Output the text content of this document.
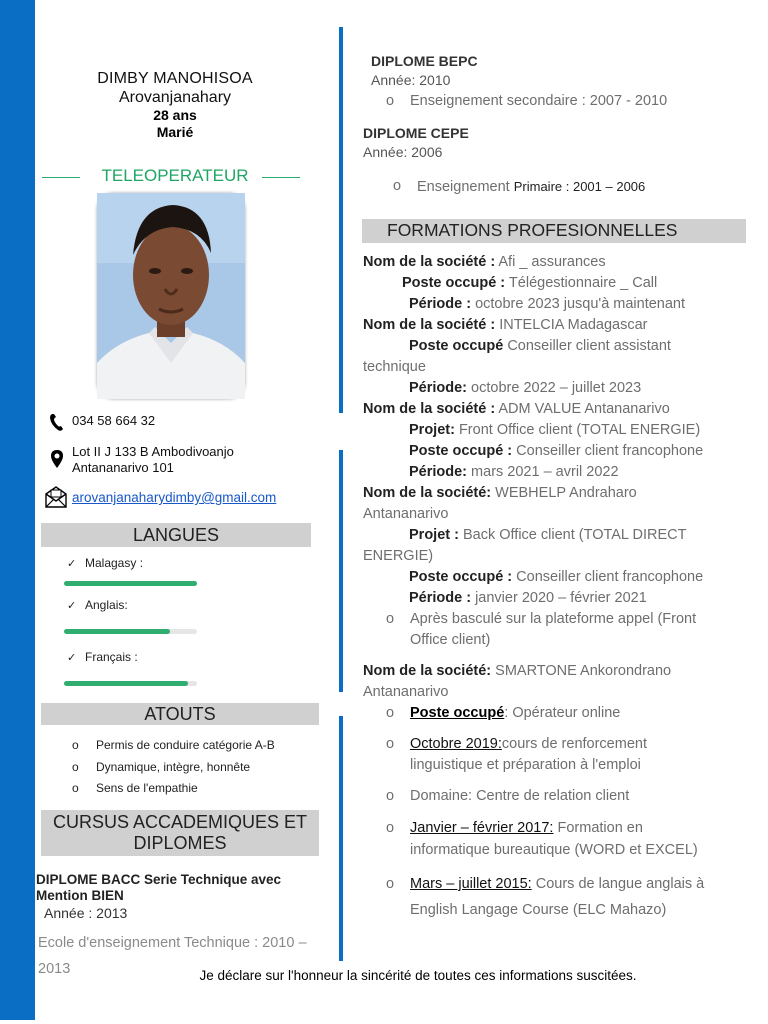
DIMBY MANOHISOA
Arovanjanahary
28 ans
Marié
TELEOPERATEUR
034 58 664 32
Lot II J 133 B Ambodivoanjo
Antananarivo 101
arovanjanaharydimby@gmail.com
LANGUES
✓ Malagasy :
✓ Anglais:
✓ Français :
ATOUTS
o Permis de conduire catégorie A-B
o Dynamique, intègre, honnête
o Sens de l'empathie
CURSUS ACCADEMIQUES ET
DIPLOMES
DIPLOME BACC Serie Technique avec
Mention BIEN
Année : 2013
Ecole d'enseignement Technique : 2010 –
2013
DIPLOME BEPC
Année: 2010
o Enseignement secondaire : 2007 - 2010
DIPLOME CEPE
Année: 2006
o Enseignement Primaire : 2001 – 2006
FORMATIONS PROFESIONNELLES
Nom de la société : Afi _ assurances
Poste occupé : Télégestionnaire _ Call
Période : octobre 2023 jusqu'à maintenant
Nom de la société : INTELCIA Madagascar
Poste occupé Conseiller client assistant
technique
Période: octobre 2022 – juillet 2023
Nom de la société : ADM VALUE Antananarivo
Projet: Front Office client (TOTAL ENERGIE)
Poste occupé : Conseiller client francophone
Période: mars 2021 – avril 2022
Nom de la société: WEBHELP Andraharo
Antananarivo
Projet : Back Office client (TOTAL DIRECT
ENERGIE)
Poste occupé : Conseiller client francophone
Période : janvier 2020 – février 2021
o Après basculé sur la plateforme appel (Front
Office client)
Nom de la société: SMARTONE Ankorondrano
Antananarivo
o Poste occupé: Opérateur online
o Octobre 2019:cours de renforcement
linguistique et préparation à l'emploi
o Domaine: Centre de relation client
o Janvier – février 2017: Formation en
informatique bureautique (WORD et EXCEL)
o Mars – juillet 2015: Cours de langue anglais à
English Langage Course (ELC Mahazo)
Je déclare sur l'honneur la sincérité de toutes ces informations suscitées.
